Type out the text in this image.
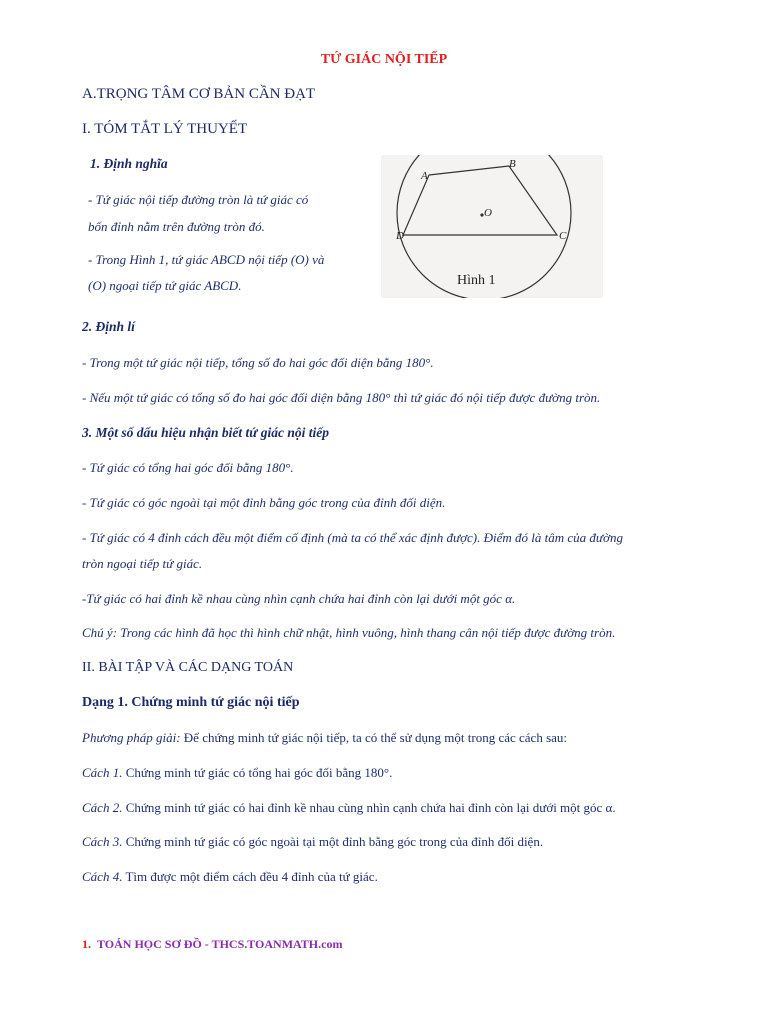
TỨ GIÁC NỘI TIẾP
A.TRỌNG TÂM CƠ BẢN CẦN ĐẠT
I. TÓM TẮT LÝ THUYẾT
1. Định nghĩa
- Tứ giác nội tiếp đường tròn là tứ giác có
bốn đỉnh nằm trên đường tròn đó.
- Trong Hình 1, tứ giác ABCD nội tiếp (O) và
(O) ngoại tiếp tứ giác ABCD.
A
B
C
D
O
Hình 1
2. Định lí
- Trong một tứ giác nội tiếp, tổng số đo hai góc đối diện bằng 180°.
- Nếu một tứ giác có tổng số đo hai góc đối diện bằng 180° thì tứ giác đó nội tiếp được đường tròn.
3. Một số dấu hiệu nhận biết tứ giác nội tiếp
- Tứ giác có tổng hai góc đối bằng 180°.
- Tứ giác có góc ngoài tại một đỉnh bằng góc trong của đỉnh đối diện.
- Tứ giác có 4 đỉnh cách đều một điểm cố định (mà ta có thể xác định được). Điểm đó là tâm của đường
tròn ngoại tiếp tứ giác.
-Tứ giác có hai đỉnh kề nhau cùng nhìn cạnh chứa hai đỉnh còn lại dưới một góc α.
Chú ý: Trong các hình đã học thì hình chữ nhật, hình vuông, hình thang cân nội tiếp được đường tròn.
II. BÀI TẬP VÀ CÁC DẠNG TOÁN
Dạng 1. Chứng minh tứ giác nội tiếp
Phương pháp giải: Để chứng minh tứ giác nội tiếp, ta có thể sử dụng một trong các cách sau:
Cách 1. Chứng minh tứ giác có tổng hai góc đối bằng 180°.
Cách 2. Chứng minh tứ giác có hai đỉnh kề nhau cùng nhìn cạnh chứa hai đỉnh còn lại dưới một góc α.
Cách 3. Chứng minh tứ giác có góc ngoài tại một đỉnh bằng góc trong của đỉnh đối diện.
Cách 4. Tìm được một điểm cách đều 4 đỉnh của tứ giác.
1. TOÁN HỌC SƠ ĐỒ - THCS.TOANMATH.com
